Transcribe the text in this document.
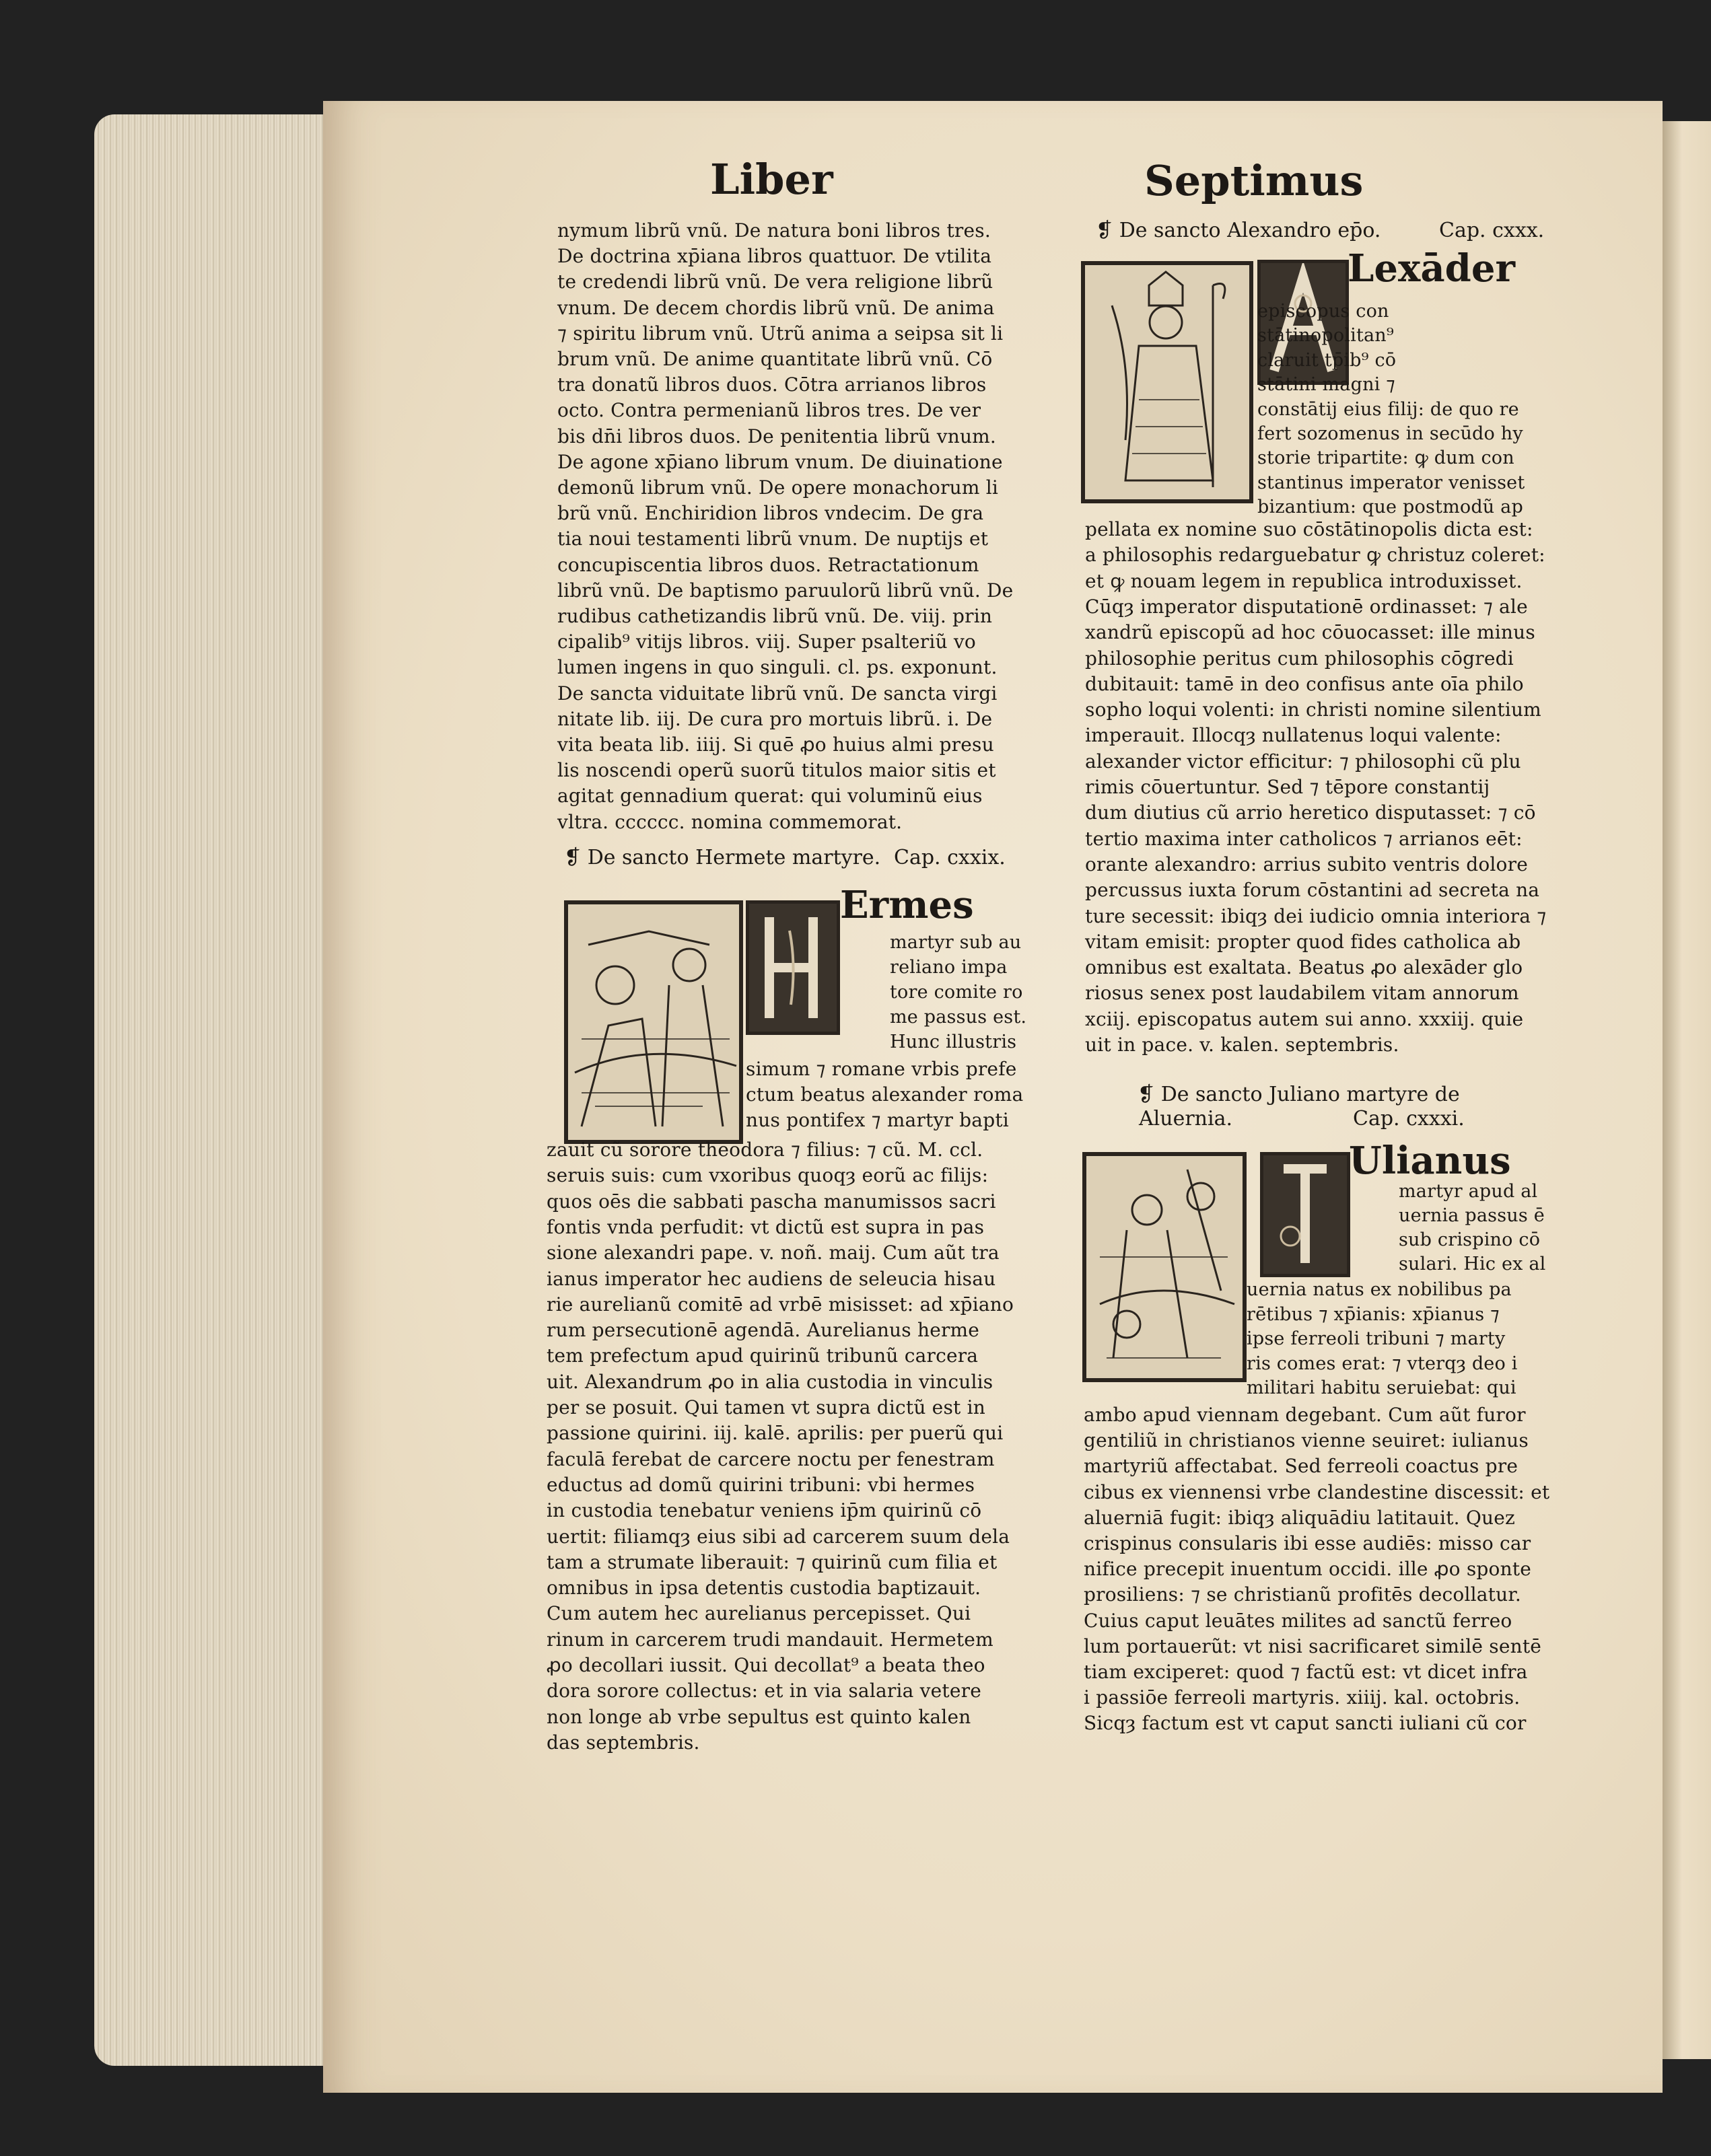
Liber	Septimus
nymum librũ vnũ. De natura boni libros tres.
De doctrina xp̄iana libros quattuor. De vtilita
te credendi librũ vnũ. De vera religione librũ
vnum. De decem chordis librũ vnũ. De anima
⁊ spiritu librum vnũ. Utrũ anima a seipsa sit li
brum vnũ. De anime quantitate librũ vnũ. Cō
tra donatũ libros duos. Cōtra arrianos libros
octo. Contra permenianũ libros tres. De ver
bis dn̄i libros duos. De penitentia librũ vnum.
De agone xp̄iano librum vnum. De diuinatione
demonũ librum vnũ. De opere monachorum li
brũ vnũ. Enchiridion libros vndecim. De gra
tia noui testamenti librũ vnum. De nuptijs et
concupiscentia libros duos. Retractationum
librũ vnũ. De baptismo paruulorũ librũ vnũ. De
rudibus cathetizandis librũ vnũ. De. viij. prin
cipalib⁹ vitijs libros. viij. Super psalteriũ vo
lumen ingens in quo singuli. cl. ps. exponunt.
De sancta viduitate librũ vnũ. De sancta virgi
nitate lib. iij. De cura pro mortuis librũ. i. De
vita beata lib. iiij. Si quē ꝓo huius almi presu
lis noscendi operũ suorũ titulos maior sitis et
agitat gennadium querat: qui voluminũ eius
vltra. cccccc. nomina commemorat.
❡ De sancto Hermete martyre. Cap. cxxix.
Ermes
martyr sub au
reliano impa
tore comite ro
me passus est.
Hunc illustris
simum ⁊ romane vrbis prefe
ctum beatus alexander roma
nus pontifex ⁊ martyr bapti
zauit cũ sorore theodora ⁊ filius: ⁊ cũ. M. ccl.
seruis suis: cum vxoribus quoqȝ eorũ ac filijs:
quos oēs die sabbati pascha manumissos sacri
fontis vnda perfudit: vt dictũ est supra in pas
sione alexandri pape. v. noñ. maij. Cum aũt tra
ianus imperator hec audiens de seleucia hisau
rie aurelianũ comitē ad vrbē misisset: ad xp̄iano
rum persecutionē agendā. Aurelianus herme
tem prefectum apud quirinũ tribunũ carcera
uit. Alexandrum ꝓo in alia custodia in vinculis
per se posuit. Qui tamen vt supra dictũ est in
passione quirini. iij. kalē. aprilis: per puerũ qui
faculā ferebat de carcere noctu per fenestram
eductus ad domũ quirini tribuni: vbi hermes
in custodia tenebatur veniens ip̄m quirinũ cō
uertit: filiamqȝ eius sibi ad carcerem suum dela
tam a strumate liberauit: ⁊ quirinũ cum filia et
omnibus in ipsa detentis custodia baptizauit.
Cum autem hec aurelianus percepisset. Qui
rinum in carcerem trudi mandauit. Hermetem
ꝓo decollari iussit. Qui decollat⁹ a beata theo
dora sorore collectus: et in via salaria vetere
non longe ab vrbe sepultus est quinto kalen
das septembris.
❡ De sancto Alexandro ep̄o.	Cap. cxxx.
Lexāder
episcopus con
stātinopolitan⁹
claruit tp̄ib⁹ cō
stātini magni ⁊
constātij eius filij: de quo re
fert sozomenus in secūdo hy
storie tripartite: ꝙ dum con
stantinus imperator venisset
bizantium: que postmodũ ap
pellata ex nomine suo cōstātinopolis dicta est:
a philosophis redarguebatur ꝙ christuz coleret:
et ꝙ nouam legem in republica introduxisset.
Cūqȝ imperator disputationē ordinasset: ⁊ ale
xandrũ episcopũ ad hoc cōuocasset: ille minus
philosophie peritus cum philosophis cōgredi
dubitauit: tamē in deo confisus ante oīa philo
sopho loqui volenti: in christi nomine silentium
imperauit. Illocqȝ nullatenus loqui valente:
alexander victor efficitur: ⁊ philosophi cũ plu
rimis cōuertuntur. Sed ⁊ tēpore constantij
dum diutius cũ arrio heretico disputasset: ⁊ cō
tertio maxima inter catholicos ⁊ arrianos eēt:
orante alexandro: arrius subito ventris dolore
percussus iuxta forum cōstantini ad secreta na
ture secessit: ibiqȝ dei iudicio omnia interiora ⁊
vitam emisit: propter quod fides catholica ab
omnibus est exaltata. Beatus ꝓo alexāder glo
riosus senex post laudabilem vitam annorum
xciij. episcopatus autem sui anno. xxxiij. quie
uit in pace. v. kalen. septembris.
❡ De sancto Juliano martyre de
Aluernia.	Cap. cxxxi.
Ulianus
martyr apud al
uernia passus ē
sub crispino cō
sulari. Hic ex al
uernia natus ex nobilibus pa
rētibus ⁊ xp̄ianis: xp̄ianus ⁊
ipse ferreoli tribuni ⁊ marty
ris comes erat: ⁊ vterqȝ deo i
militari habitu seruiebat: qui
ambo apud viennam degebant. Cum aũt furor
gentiliũ in christianos vienne seuiret: iulianus
martyriũ affectabat. Sed ferreoli coactus pre
cibus ex viennensi vrbe clandestine discessit: et
aluerniā fugit: ibiqȝ aliquādiu latitauit. Quez
crispinus consularis ibi esse audiēs: misso car
nifice precepit inuentum occidi. ille ꝓo sponte
prosiliens: ⁊ se christianũ profitēs decollatur.
Cuius caput leuātes milites ad sanctũ ferreo
lum portauerũt: vt nisi sacrificaret similē sentē
tiam exciperet: quod ⁊ factũ est: vt dicet infra
i passiōe ferreoli martyris. xiiij. kal. octobris.
Sicqȝ factum est vt caput sancti iuliani cũ cor
